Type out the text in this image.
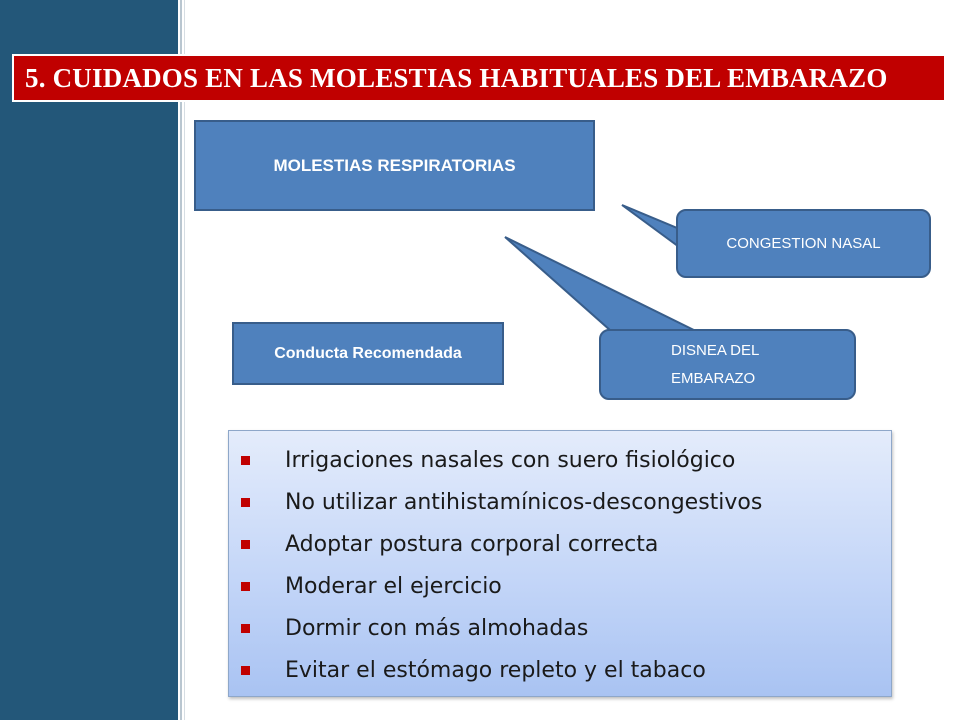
5. CUIDADOS EN LAS MOLESTIAS HABITUALES DEL EMBARAZO
MOLESTIAS RESPIRATORIAS
CONGESTION NASAL
DISNEA DEL EMBARAZO
Conducta Recomendada
Irrigaciones nasales con suero fisiológico
No utilizar antihistamínicos-descongestivos
Adoptar postura corporal correcta
Moderar el ejercicio
Dormir con más almohadas
Evitar el estómago repleto y el tabaco
